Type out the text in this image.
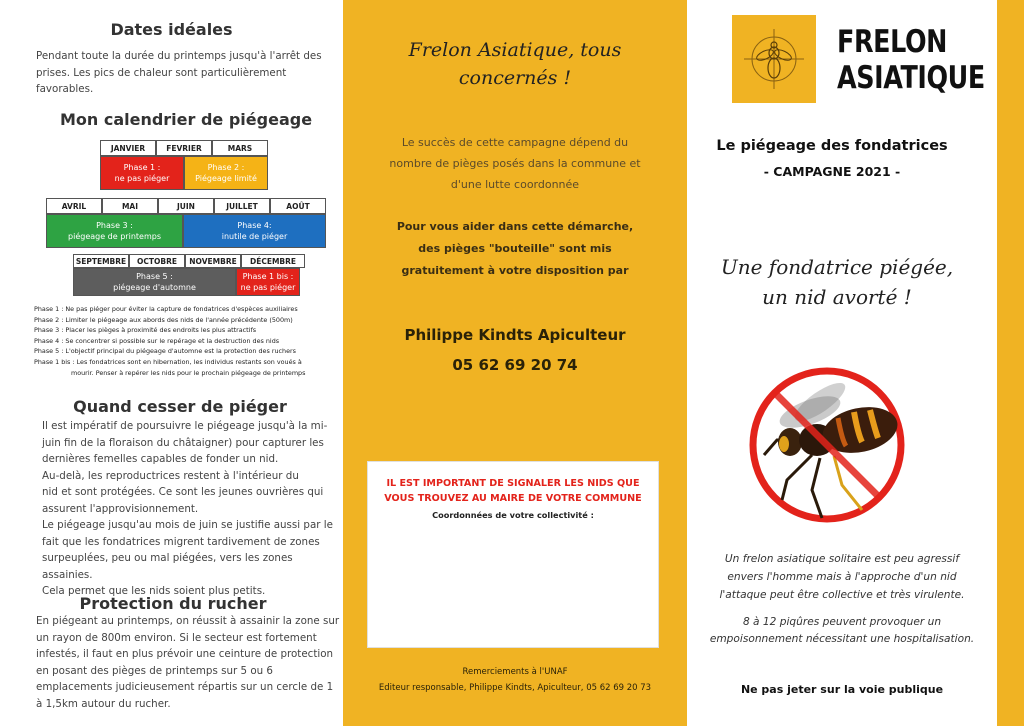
Dates idéales
Pendant toute la durée du printemps jusqu'à l'arrêt des
prises. Les pics de chaleur sont particulièrement
favorables.
Mon calendrier de piégeage
JANVIER	FEVRIER	MARS
Phase 1 :
ne pas piéger
Phase 2 :
Piégeage limité
AVRIL	MAI	JUIN	JUILLET	AOÛT
Phase 3 :
piégeage de printemps
Phase 4:
inutile de piéger
SEPTEMBRE	OCTOBRE	NOVEMBRE	DÉCEMBRE
Phase 5 :
piégeage d'automne
Phase 1 bis :
ne pas piéger
Phase 1 : Ne pas piéger pour éviter la capture de fondatrices d'espèces auxiliaires
Phase 2 : Limiter le piégeage aux abords des nids de l'année précédente (500m)
Phase 3 : Placer les pièges à proximité des endroits les plus attractifs
Phase 4 : Se concentrer si possible sur le repérage et la destruction des nids
Phase 5 : L'objectif principal du piégeage d'automne est la protection des ruchers
Phase 1 bis : Les fondatrices sont en hibernation, les individus restants son voués à
mourir. Penser à repérer les nids pour le prochain piégeage de printemps
Quand cesser de piéger
Il est impératif de poursuivre le piégeage jusqu'à la mi-
juin fin de la floraison du châtaigner) pour capturer les
dernières femelles capables de fonder un nid.
Au-delà, les reproductrices restent à l'intérieur du
nid et sont protégées. Ce sont les jeunes ouvrières qui
assurent l'approvisionnement.
Le piégeage jusqu'au mois de juin se justifie aussi par le
fait que les fondatrices migrent tardivement de zones
surpeuplées, peu ou mal piégées, vers les zones assainies.
Cela permet que les nids soient plus petits.
Protection du rucher
En piégeant au printemps, on réussit à assainir la zone sur
un rayon de 800m environ. Si le secteur est fortement
infestés, il faut en plus prévoir une ceinture de protection
en posant des pièges de printemps sur 5 ou 6
emplacements judicieusement répartis sur un cercle de 1
à 1,5km autour du rucher.
Frelon Asiatique, tous
concernés !
Le succès de cette campagne dépend du
nombre de pièges posés dans la commune et
d'une lutte coordonnée
Pour vous aider dans cette démarche,
des pièges "bouteille" sont mis
gratuitement à votre disposition par
Philippe Kindts Apiculteur
05 62 69 20 74
Remerciements à l'UNAF
Editeur responsable, Philippe Kindts, Apiculteur, 05 62 69 20 73
IL EST IMPORTANT DE SIGNALER LES NIDS QUE
VOUS TROUVEZ AU MAIRE DE VOTRE COMMUNE
Coordonnées de votre collectivité :
FRELON
ASIATIQUE
Le piégeage des fondatrices
- CAMPAGNE 2021 -
Une fondatrice piégée,
un nid avorté !
Un frelon asiatique solitaire est peu agressif
envers l'homme mais à l'approche d'un nid
l'attaque peut être collective et très virulente.
8 à 12 piqûres peuvent provoquer un
empoisonnement nécessitant une hospitalisation.
Ne pas jeter sur la voie publique
